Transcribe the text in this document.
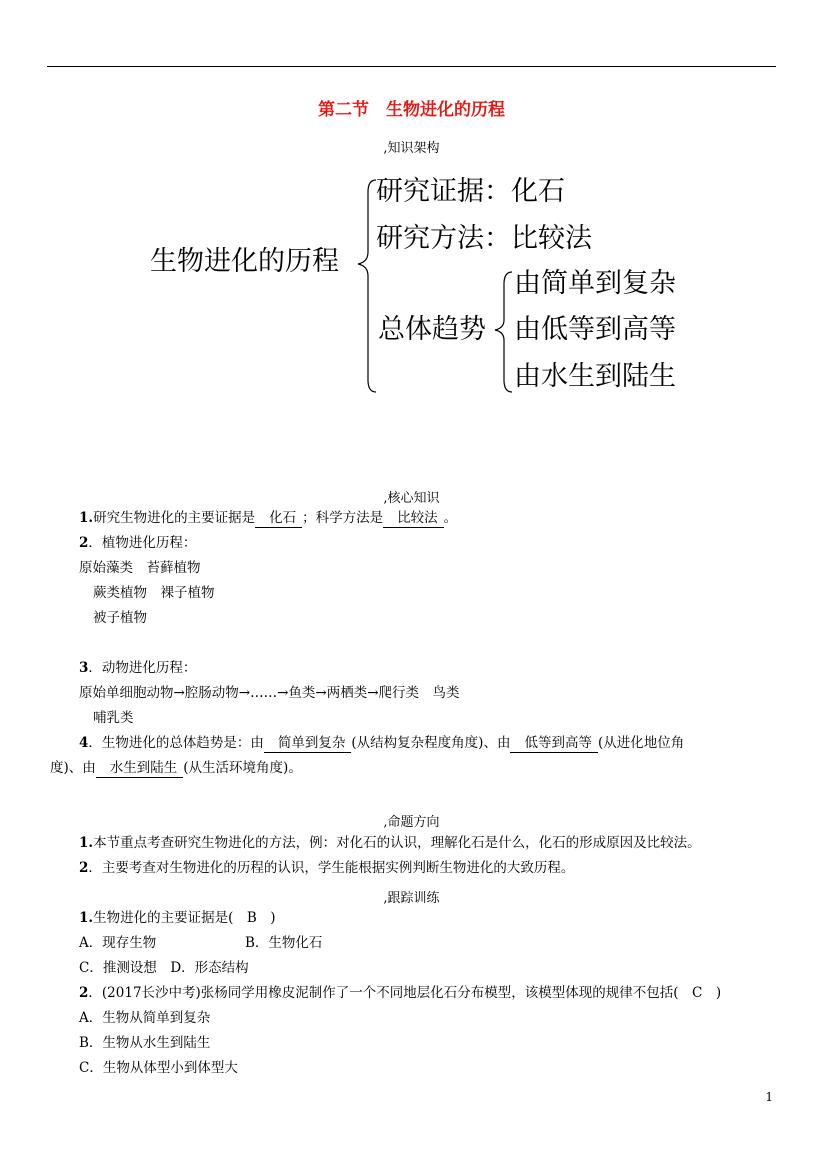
第二节　生物进化的历程
,知识架构
生物进化的历程
研究证据：化石
研究方法：比较法
总体趋势
由简单到复杂
由低等到高等
由水生到陆生
,核心知识
1.研究生物进化的主要证据是 化石 ；科学方法是 比较法 。
2．植物进化历程：
原始藻类　苔藓植物
蕨类植物　裸子植物
被子植物
3．动物进化历程：
原始单细胞动物→腔肠动物→……→鱼类→两栖类→爬行类　鸟类
哺乳类
4．生物进化的总体趋势是：由 简单到复杂 (从结构复杂程度角度)、由 低等到高等 (从进化地位角
度)、由 水生到陆生 (从生活环境角度)。
,命题方向
1.本节重点考查研究生物进化的方法，例：对化石的认识，理解化石是什么，化石的形成原因及比较法。
2．主要考查对生物进化的历程的认识，学生能根据实例判断生物进化的大致历程。
,跟踪训练
1.生物进化的主要证据是(　B　)
A．现存生物	B．生物化石
C．推测设想　D．形态结构
2．(2017长沙中考)张杨同学用橡皮泥制作了一个不同地层化石分布模型，该模型体现的规律不包括(　C　)
A．生物从简单到复杂
B．生物从水生到陆生
C．生物从体型小到体型大
1
